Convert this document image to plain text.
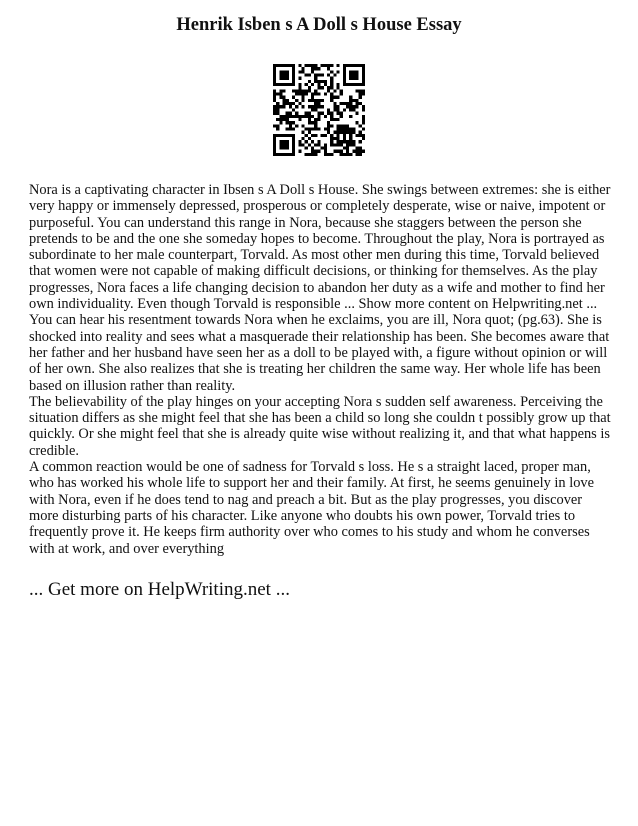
Henrik Isben s A Doll s House Essay

Nora is a captivating character in Ibsen s A Doll s House. She swings between extremes: she is either very happy or immensely depressed, prosperous or completely desperate, wise or naive, impotent or purposeful. You can understand this range in Nora, because she staggers between the person she pretends to be and the one she someday hopes to become. Throughout the play, Nora is portrayed as subordinate to her male counterpart, Torvald. As most other men during this time, Torvald believed that women were not capable of making difficult decisions, or thinking for themselves. As the play progresses, Nora faces a life changing decision to abandon her duty as a wife and mother to find her own individuality. Even though Torvald is responsible ... Show more content on Helpwriting.net ... You can hear his resentment towards Nora when he exclaims, you are ill, Nora quot; (pg.63). She is shocked into reality and sees what a masquerade their relationship has been. She becomes aware that her father and her husband have seen her as a doll to be played with, a figure without opinion or will of her own. She also realizes that she is treating her children the same way. Her whole life has been based on illusion rather than reality.

The believability of the play hinges on your accepting Nora s sudden self awareness. Perceiving the situation differs as she might feel that she has been a child so long she couldn t possibly grow up that quickly. Or she might feel that she is already quite wise without realizing it, and that what happens is credible.

A common reaction would be one of sadness for Torvald s loss. He s a straight laced, proper man, who has worked his whole life to support her and their family. At first, he seems genuinely in love with Nora, even if he does tend to nag and preach a bit. But as the play progresses, you discover more disturbing parts of his character. Like anyone who doubts his own power, Torvald tries to frequently prove it. He keeps firm authority over who comes to his study and whom he converses with at work, and over everything

... Get more on HelpWriting.net ...
